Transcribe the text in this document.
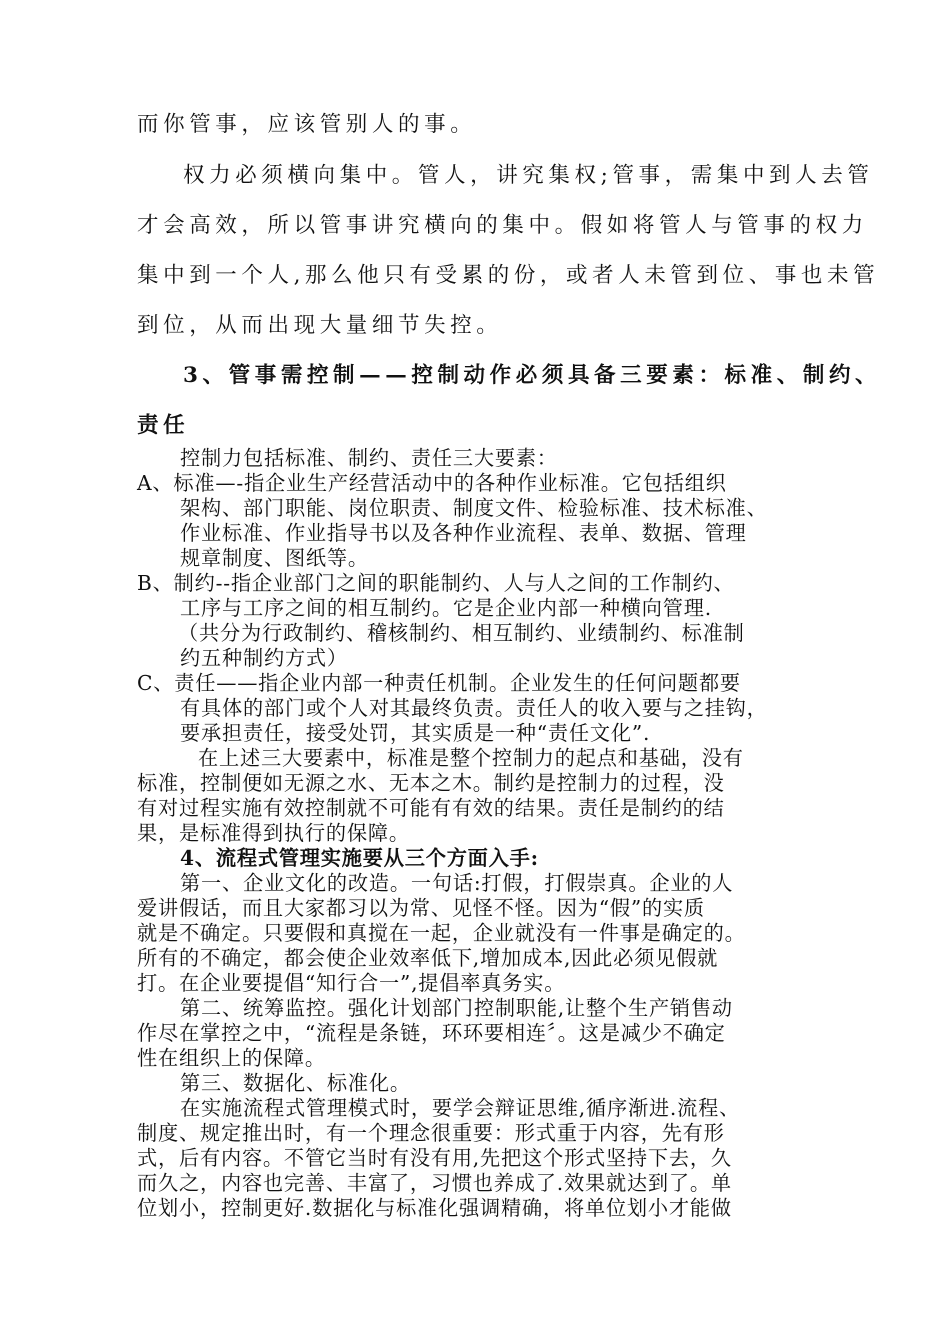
而你管事，应该管别人的事。

权力必须横向集中。管人，讲究集权;管事，需集中到人去管

才会高效，所以管事讲究横向的集中。假如将管人与管事的权力

集中到一个人,那么他只有受累的份，或者人未管到位、事也未管

到位，从而出现大量细节失控。

3、管事需控制——控制动作必须具备三要素：标准、制约、

责任

控制力包括标准、制约、责任三大要素：

A、标准—-指企业生产经营活动中的各种作业标准。它包括组织

架构、部门职能、岗位职责、制度文件、检验标准、技术标准、

作业标准、作业指导书以及各种作业流程、表单、数据、管理

规章制度、图纸等。

B、制约--指企业部门之间的职能制约、人与人之间的工作制约、

工序与工序之间的相互制约。它是企业内部一种横向管理.

（共分为行政制约、稽核制约、相互制约、业绩制约、标准制

约五种制约方式）

C、责任——指企业内部一种责任机制。企业发生的任何问题都要

有具体的部门或个人对其最终负责。责任人的收入要与之挂钩，

要承担责任，接受处罚，其实质是一种“责任文化”.

在上述三大要素中，标准是整个控制力的起点和基础，没有

标准，控制便如无源之水、无本之木。制约是控制力的过程，没

有对过程实施有效控制就不可能有有效的结果。责任是制约的结

果，是标准得到执行的保障。

4、流程式管理实施要从三个方面入手:

第一、企业文化的改造。一句话:打假，打假崇真。企业的人

爱讲假话，而且大家都习以为常、见怪不怪。因为“假”的实质

就是不确定。只要假和真搅在一起，企业就没有一件事是确定的。

所有的不确定，都会使企业效率低下,增加成本,因此必须见假就

打。在企业要提倡“知行合一”,提倡率真务实。

第二、统筹监控。强化计划部门控制职能,让整个生产销售动

作尽在掌控之中，“流程是条链，环环要相连〞。这是减少不确定

性在组织上的保障。

第三、数据化、标准化。

在实施流程式管理模式时，要学会辩证思维,循序渐进.流程、

制度、规定推出时，有一个理念很重要：形式重于内容，先有形

式，后有内容。不管它当时有没有用,先把这个形式坚持下去，久

而久之，内容也完善、丰富了，习惯也养成了.效果就达到了。单

位划小，控制更好.数据化与标准化强调精确，将单位划小才能做
